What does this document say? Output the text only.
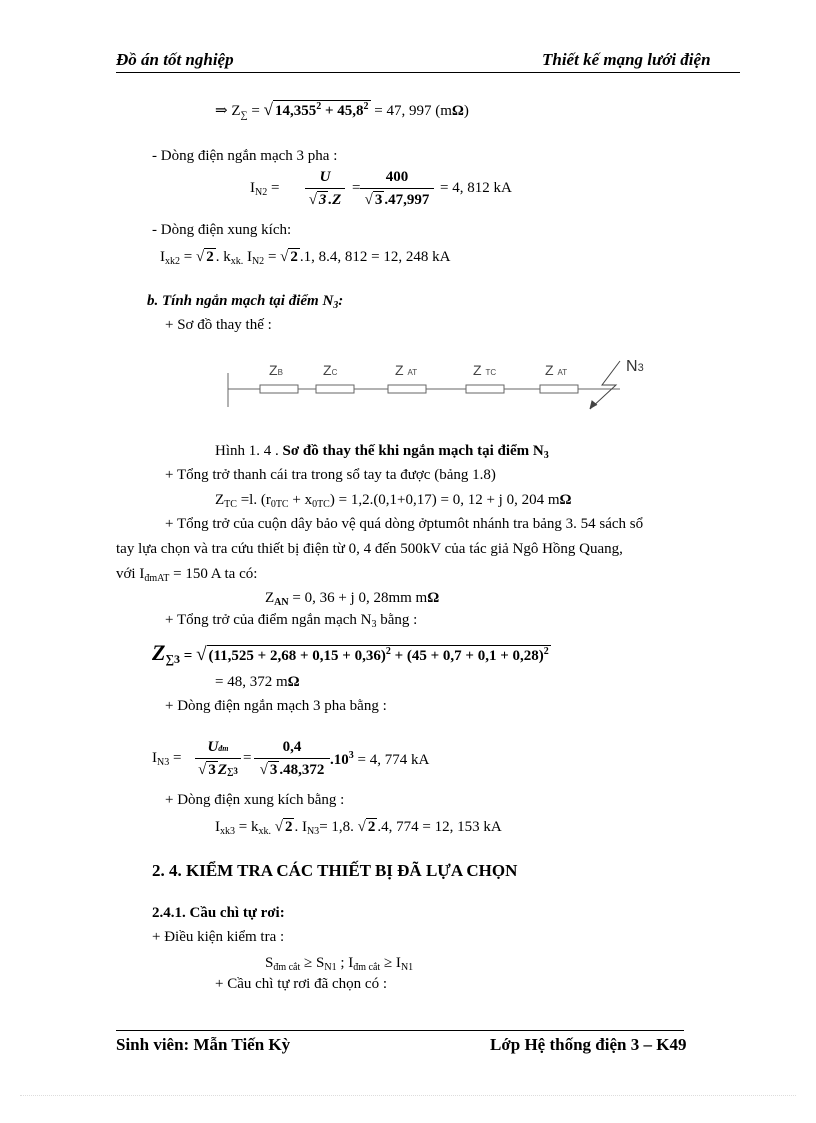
Đồ án tốt nghiệp	Thiết kế mạng lưới điện
⇒ $Z_\sum$ = √ $14,355^2 + 45,8^2 = 47$, 997 (mΩ)
- Dòng điện ngắn mạch 3 pha :
$I_{N2}$ =
U
√ 3 .Z
=
400
√ 3 .47,997
= 4, 812 kA
- Dòng điện xung kích:
$I_{xk2}$ = √ 2 . $k_{xk.}$ $I_{N2}$ = √ 2 .1, 8.4, 812 = 12, 248 kA
b. Tính ngắn mạch tại điểm $N_3$:
+ Sơ đồ thay thế :
ZB	ZC	Z AT	Z TC	Z AT	N3
Hình 1. 4 . Sơ đồ thay thế khi ngắn mạch tại điểm $N_3$
+ Tổng trở thanh cái tra trong sổ tay ta được (bảng 1.8)
$Z_{TC} =l$. $(r_{0TC} + x_{0TC}) = 1,2.(0,1+0,17) = 0$, 12 + j 0, 204 mΩ
+ Tổng trở của cuộn dây bảo vệ quá dòng ởptumôt nhánh tra bảng 3. 54 sách sổ
tay lựa chọn và tra cứu thiết bị điện từ 0, 4 đến 500kV của tác giả Ngô Hồng Quang,
với $I_{đmAT} = 150$ A ta có:
$Z_{AN} = 0$, 36 + j 0, 28mm mΩ
+ Tổng trở của điểm ngắn mạch $N_3$ bằng :
$Z_{\sum 3}$ = √ $(11,525 + 2,68 + 0,15 + 0,36)^2 + (45 + 0,7 + 0,1 + 0,28)^2$
= 48, 372 mΩ
+ Dòng điện ngắn mạch 3 pha bằng :
$I_{N3}$ =
Uđm
√ 3 Z∑3
=
0,4
√ 3 .48,372
$.10^3 = 4$, 774 kA
+ Dòng điện xung kích bằng :
$I_{xk3} = k_{xk.}$ √ 2 . $I_{N3}= 1,8$. √ 2 .4, 774 = 12, 153 kA
2. 4. KIỂM TRA CÁC THIẾT BỊ ĐÃ LỰA CHỌN
2.4.1. Cầu chì tự rơi:
+ Điều kiện kiểm tra :
$S_{đm cắt} \ge S_{N1}$ ; $I_{đm cắt} \ge I_{N1}$
+ Cầu chì tự rơi đã chọn có :
Sinh viên: Mẫn Tiến Kỳ	Lớp Hệ thống điện 3 – K49
